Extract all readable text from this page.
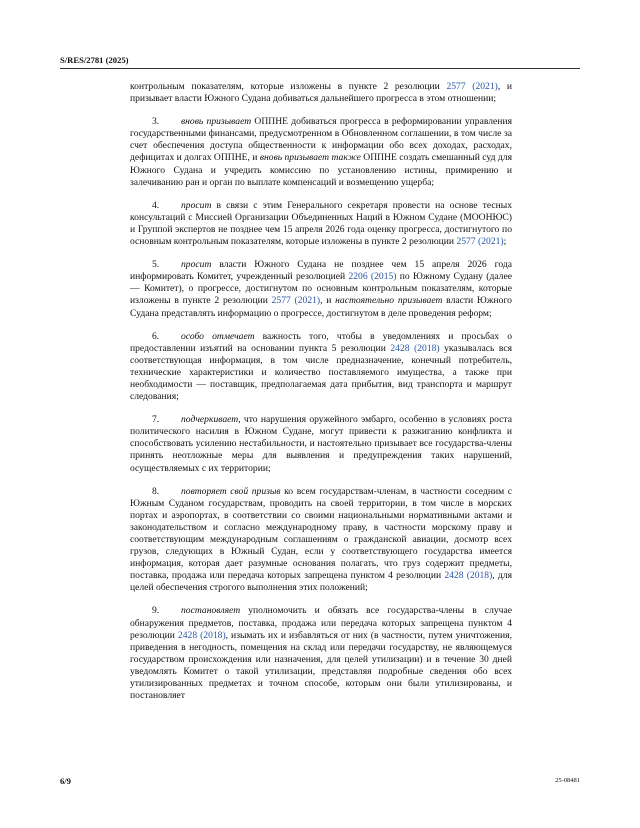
S/RES/2781 (2025)

контрольным показателям, которые изложены в пункте 2 резолюции 2577 (2021), и призывает власти Южного Судана добиваться дальнейшего прогресса в этом отношении;

3. вновь призывает ОППНЕ добиваться прогресса в реформировании управления государственными финансами, предусмотренном в Обновленном соглашении, в том числе за счет обеспечения доступа общественности к информации обо всех доходах, расходах, дефицитах и долгах ОППНЕ, и вновь призывает также ОППНЕ создать смешанный суд для Южного Судана и учредить комиссию по установлению истины, примирению и залечиванию ран и орган по выплате компенсаций и возмещению ущерба;

4. просит в связи с этим Генерального секретаря провести на основе тесных консультаций с Миссией Организации Объединенных Наций в Южном Судане (МООНЮС) и Группой экспертов не позднее чем 15 апреля 2026 года оценку прогресса, достигнутого по основным контрольным показателям, которые изложены в пункте 2 резолюции 2577 (2021);

5. просит власти Южного Судана не позднее чем 15 апреля 2026 года информировать Комитет, учрежденный резолюцией 2206 (2015) по Южному Судану (далее — Комитет), о прогрессе, достигнутом по основным контрольным показателям, которые изложены в пункте 2 резолюции 2577 (2021), и настоятельно призывает власти Южного Судана представлять информацию о прогрессе, достигнутом в деле проведения реформ;

6. особо отмечает важность того, чтобы в уведомлениях и просьбах о предоставлении изъятий на основании пункта 5 резолюции 2428 (2018) указывалась вся соответствующая информация, в том числе предназначение, конечный потребитель, технические характеристики и количество поставляемого имущества, а также при необходимости — поставщик, предполагаемая дата прибытия, вид транспорта и маршрут следования;

7. подчеркивает, что нарушения оружейного эмбарго, особенно в условиях роста политического насилия в Южном Судане, могут привести к разжиганию конфликта и способствовать усилению нестабильности, и настоятельно призывает все государства-члены принять неотложные меры для выявления и предупреждения таких нарушений, осуществляемых с их территории;

8. повторяет свой призыв ко всем государствам-членам, в частности соседним с Южным Суданом государствам, проводить на своей территории, в том числе в морских портах и аэропортах, в соответствии со своими национальными нормативными актами и законодательством и согласно международному праву, в частности морскому праву и соответствующим международным соглашениям о гражданской авиации, досмотр всех грузов, следующих в Южный Судан, если у соответствующего государства имеется информация, которая дает разумные основания полагать, что груз содержит предметы, поставка, продажа или передача которых запрещена пунктом 4 резолюции 2428 (2018), для целей обеспечения строгого выполнения этих положений;

9. постановляет уполномочить и обязать все государства-члены в случае обнаружения предметов, поставка, продажа или передача которых запрещена пунктом 4 резолюции 2428 (2018), изымать их и избавляться от них (в частности, путем уничтожения, приведения в негодность, помещения на склад или передачи государству, не являющемуся государством происхождения или назначения, для целей утилизации) и в течение 30 дней уведомлять Комитет о такой утилизации, представляя подробные сведения обо всех утилизированных предметах и точном способе, которым они были утилизированы, и постановляет

6/9	25-08481
